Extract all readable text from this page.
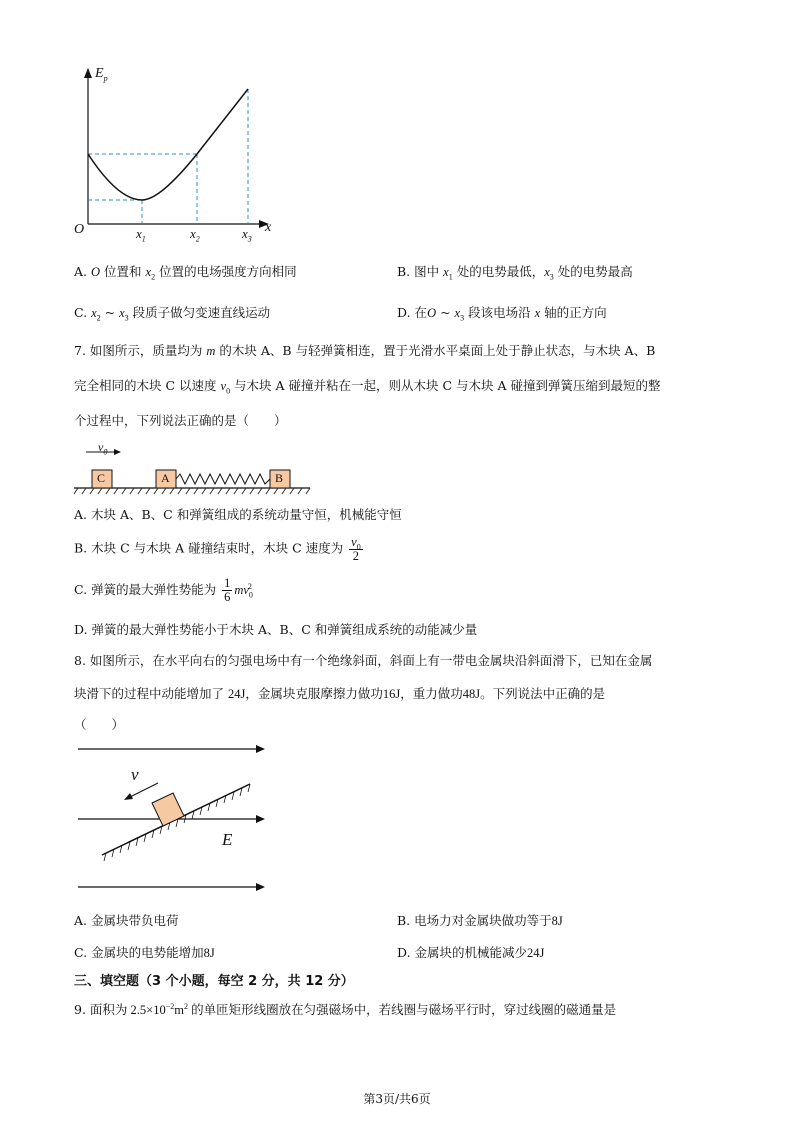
$E_p$
O	x
$x_1$	$x_2$	$x_3$
A. O 位置和 $x_2$ 位置的电场强度方向相同	B. 图中 $x_1$ 处的电势最低，$x_3$ 处的电势最高
C. $x_2$ ~ $x_3$ 段质子做匀变速直线运动	D. 在O ~ $x_3$ 段该电场沿 x 轴的正方向
7. 如图所示，质量均为 m 的木块 A、B 与轻弹簧相连，置于光滑水平桌面上处于静止状态，与木块 A、B
完全相同的木块 C 以速度 $v_0$ 与木块 A 碰撞并粘在一起，则从木块 C 与木块 A 碰撞到弹簧压缩到最短的整
个过程中，下列说法正确的是（　　）
$v_0$
C	A	B
A. 木块 A、B、C 和弹簧组成的系统动量守恒，机械能守恒
B. 木块 C 与木块 A 碰撞结束时，木块 C 速度为 $\frac{v_0}{2}$
C. 弹簧的最大弹性势能为 $\frac{1}{6} mv_0^2$
D. 弹簧的最大弹性势能小于木块 A、B、C 和弹簧组成系统的动能减少量
8. 如图所示，在水平向右的匀强电场中有一个绝缘斜面，斜面上有一带电金属块沿斜面滑下，已知在金属
块滑下的过程中动能增加了 24J，金属块克服摩擦力做功16J，重力做功48J。下列说法中正确的是
（　　）
v
E
A. 金属块带负电荷	B. 电场力对金属块做功等于8J
C. 金属块的电势能增加8J	D. 金属块的机械能减少24J
三、填空题（3 个小题，每空 2 分，共 12 分）
9. 面积为 $2.5\times 10^{-2}m^2$ 的单匝矩形线圈放在匀强磁场中，若线圈与磁场平行时，穿过线圈的磁通量是
第3页/共6页
